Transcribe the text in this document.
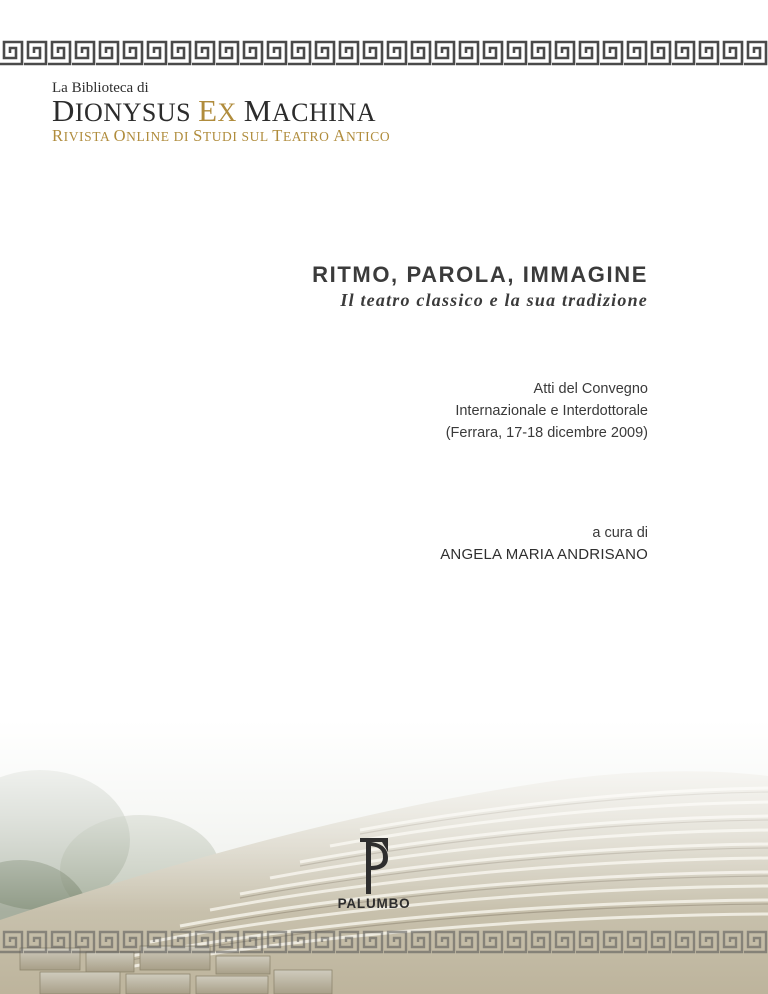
La Biblioteca di

DIONYSUS EX MACHINA

RIVISTA ONLINE DI STUDI SUL TEATRO ANTICO

RITMO, PAROLA, IMMAGINE
Il teatro classico e la sua tradizione
Atti del Convegno
Internazionale e Interdottorale
(Ferrara, 17-18 dicembre 2009)
a cura di
ANGELA MARIA ANDRISANO
PALUMBO
